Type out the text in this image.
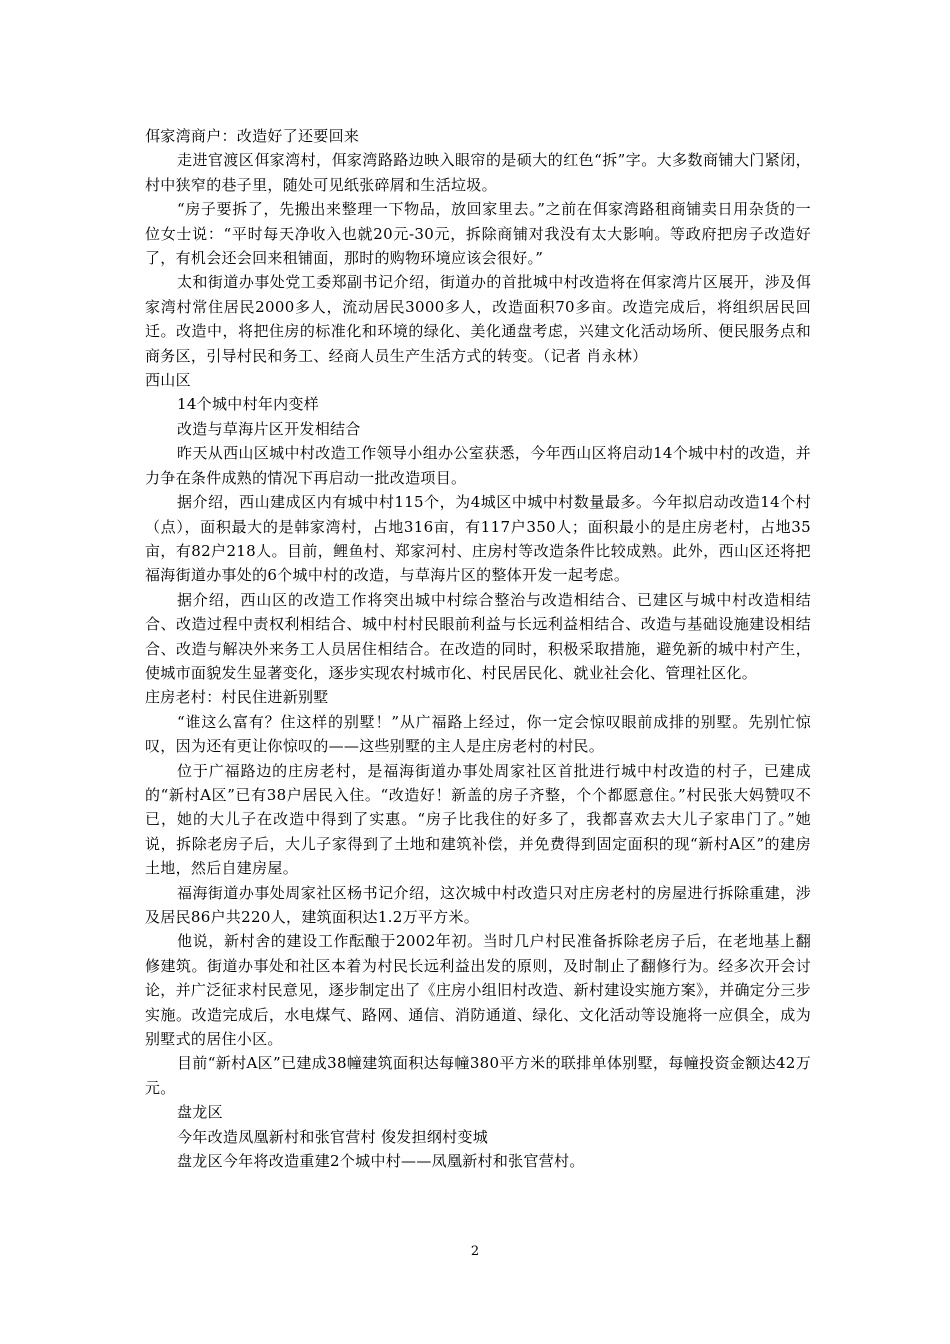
佴家湾商户：改造好了还要回来

走进官渡区佴家湾村，佴家湾路路边映入眼帘的是硕大的红色“拆”字。大多数商铺大门紧闭，村中狭窄的巷子里，随处可见纸张碎屑和生活垃圾。

“房子要拆了，先搬出来整理一下物品，放回家里去。”之前在佴家湾路租商铺卖日用杂货的一位女士说：“平时每天净收入也就20元-30元，拆除商铺对我没有太大影响。等政府把房子改造好了，有机会还会回来租铺面，那时的购物环境应该会很好。”

太和街道办事处党工委郑副书记介绍，街道办的首批城中村改造将在佴家湾片区展开，涉及佴家湾村常住居民2000多人，流动居民3000多人，改造面积70多亩。改造完成后，将组织居民回迁。改造中，将把住房的标准化和环境的绿化、美化通盘考虑，兴建文化活动场所、便民服务点和商务区，引导村民和务工、经商人员生产生活方式的转变。（记者 肖永林）

西山区

14个城中村年内变样

改造与草海片区开发相结合

昨天从西山区城中村改造工作领导小组办公室获悉，今年西山区将启动14个城中村的改造，并力争在条件成熟的情况下再启动一批改造项目。

据介绍，西山建成区内有城中村115个，为4城区中城中村数量最多。今年拟启动改造14个村（点），面积最大的是韩家湾村，占地316亩，有117户350人；面积最小的是庄房老村，占地35亩，有82户218人。目前，鲤鱼村、郑家河村、庄房村等改造条件比较成熟。此外，西山区还将把福海街道办事处的6个城中村的改造，与草海片区的整体开发一起考虑。

据介绍，西山区的改造工作将突出城中村综合整治与改造相结合、已建区与城中村改造相结合、改造过程中责权利相结合、城中村村民眼前利益与长远利益相结合、改造与基础设施建设相结合、改造与解决外来务工人员居住相结合。在改造的同时，积极采取措施，避免新的城中村产生，使城市面貌发生显著变化，逐步实现农村城市化、村民居民化、就业社会化、管理社区化。

庄房老村：村民住进新别墅

“谁这么富有？住这样的别墅！”从广福路上经过，你一定会惊叹眼前成排的别墅。先别忙惊叹，因为还有更让你惊叹的——这些别墅的主人是庄房老村的村民。

位于广福路边的庄房老村，是福海街道办事处周家社区首批进行城中村改造的村子，已建成的“新村A区”已有38户居民入住。“改造好！新盖的房子齐整，个个都愿意住。”村民张大妈赞叹不已，她的大儿子在改造中得到了实惠。“房子比我住的好多了，我都喜欢去大儿子家串门了。”她说，拆除老房子后，大儿子家得到了土地和建筑补偿，并免费得到固定面积的现“新村A区”的建房土地，然后自建房屋。

福海街道办事处周家社区杨书记介绍，这次城中村改造只对庄房老村的房屋进行拆除重建，涉及居民86户共220人，建筑面积达1.2万平方米。

他说，新村舍的建设工作酝酿于2002年初。当时几户村民准备拆除老房子后，在老地基上翻修建筑。街道办事处和社区本着为村民长远利益出发的原则，及时制止了翻修行为。经多次开会讨论，并广泛征求村民意见，逐步制定出了《庄房小组旧村改造、新村建设实施方案》，并确定分三步实施。改造完成后，水电煤气、路网、通信、消防通道、绿化、文化活动等设施将一应俱全，成为别墅式的居住小区。

目前“新村A区”已建成38幢建筑面积达每幢380平方米的联排单体别墅，每幢投资金额达42万元。

盘龙区

今年改造凤凰新村和张官营村 俊发担纲村变城

盘龙区今年将改造重建2个城中村——凤凰新村和张官营村。

2
